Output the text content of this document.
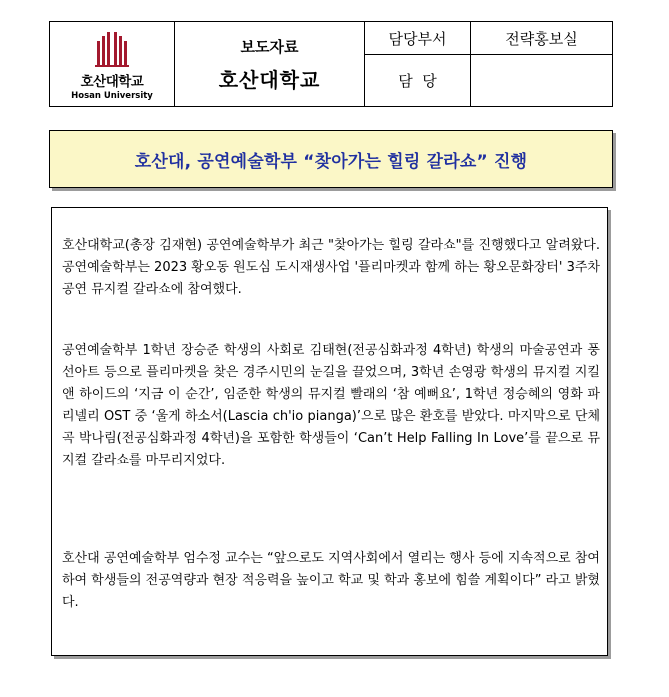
호산대학교
Hosan University
보도자료
호산대학교
담당부서	전략홍보실
담  당
호산대, 공연예술학부 “찾아가는 힐링 갈라쇼” 진행

호산대학교(총장 김재현) 공연예술학부가 최근 "찾아가는 힐링 갈라쇼"를 진행했다고 알려왔다. 공연예술학부는 2023 황오동 원도심 도시재생사업 '플리마켓과 함께 하는 황오문화장터' 3주차 공연 뮤지컬 갈라쇼에 참여했다.

공연예술학부 1학년 장승준 학생의 사회로 김태현(전공심화과정 4학년) 학생의 마술공연과 풍선아트 등으로 플리마켓을 찾은 경주시민의 눈길을 끌었으며, 3학년 손영광 학생의 뮤지컬 지킬 앤 하이드의 ‘지금 이 순간’, 임준한 학생의 뮤지컬 빨래의 ‘참 예뻐요’, 1학년 정승혜의 영화 파리넬리 OST 중 ‘울게 하소서(Lascia ch'io pianga)’으로 많은 환호를 받았다. 마지막으로 단체곡 박나림(전공심화과정 4학년)을 포함한 학생들이 ‘Can’t Help Falling In Love’를 끝으로 뮤지컬 갈라쇼를 마무리지었다.

호산대 공연예술학부 엄수정 교수는 “앞으로도 지역사회에서 열리는 행사 등에 지속적으로 참여하여 학생들의 전공역량과 현장 적응력을 높이고 학교 및 학과 홍보에 힘쓸 계획이다” 라고 밝혔다.
